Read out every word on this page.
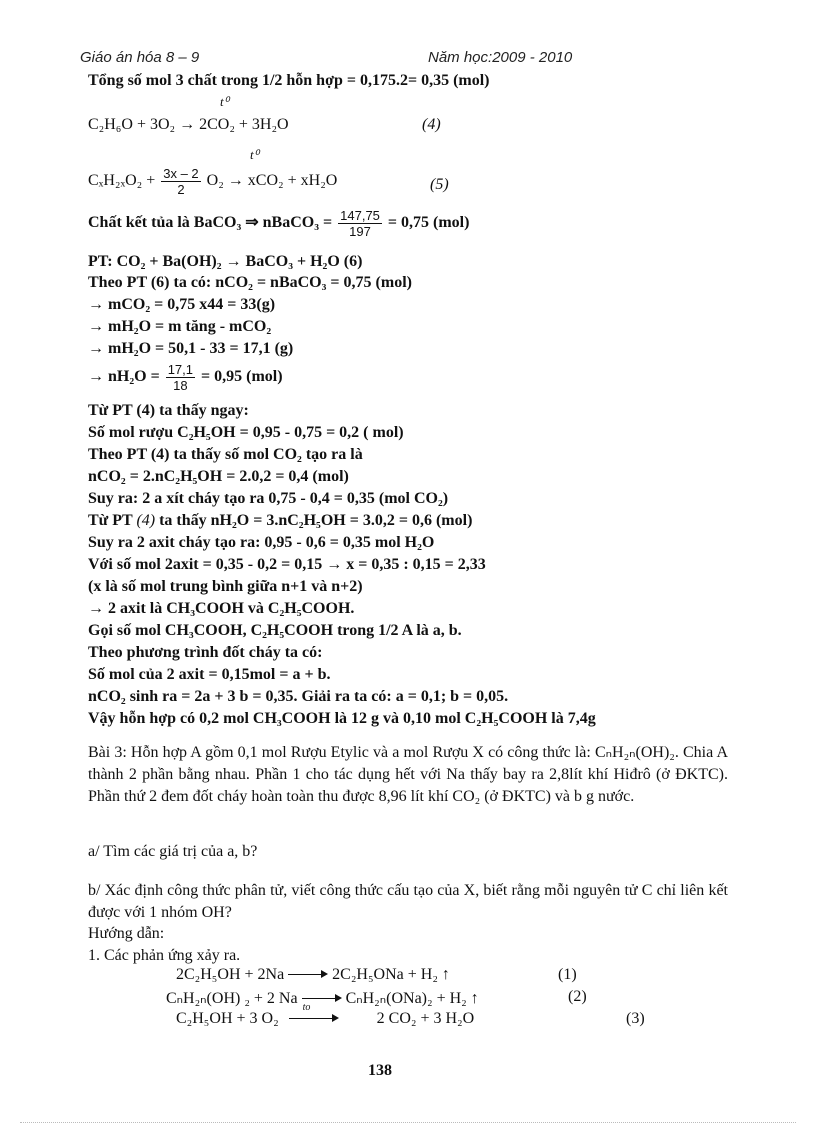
Giáo án hóa 8 – 9	Năm học:2009 - 2010
Tổng số mol 3 chất trong 1/2 hỗn hợp = 0,175.2= 0,35 (mol)
t⁰
C₂H₆O + 3O₂ → 2CO₂ + 3H₂O	(4)
t⁰
$C_xH_{2x}O_2 + \frac{3x - 2}{2} O_2 \to xCO_2 + xH_2O$	(5)
Chất kết tủa là BaCO₃ ⇒ nBaCO₃ = $\frac{147,75}{197} = 0,75$ (mol)
PT: CO₂ + Ba(OH)₂ → BaCO₃ + H₂O (6)
Theo PT (6) ta có: nCO₂ = nBaCO₃ = 0,75 (mol)
→ mCO₂ = 0,75 x44 = 33(g)
→ mH₂O = m tăng - mCO₂
→ mH₂O = 50,1 - 33 = 17,1 (g)
→ $nH_2O = \frac{17,1}{18} = 0,95$ (mol)
Từ PT (4) ta thấy ngay:
Số mol rượu C₂H₅OH = 0,95 - 0,75 = 0,2 ( mol)
Theo PT (4) ta thấy số mol CO₂ tạo ra là
nCO₂ = 2.nC₂H₅OH = 2.0,2 = 0,4 (mol)
Suy ra: 2 a xít cháy tạo ra 0,75 - 0,4 = 0,35 (mol CO₂)
Từ PT (4) ta thấy nH₂O = 3.nC₂H₅OH = 3.0,2 = 0,6 (mol)
Suy ra 2 axit cháy tạo ra: 0,95 - 0,6 = 0,35 mol H₂O
Với số mol 2axit = 0,35 - 0,2 = 0,15 → x = 0,35 : 0,15 = 2,33
(x là số mol trung bình giữa n+1 và n+2)
→ 2 axit là CH₃COOH và C₂H₅COOH.
Gọi số mol CH₃COOH, C₂H₅COOH trong 1/2 A là a, b.
Theo phương trình đốt cháy ta có:
Số mol của 2 axit = 0,15mol = a + b.
nCO₂ sinh ra = 2a + 3 b = 0,35. Giải ra ta có: a = 0,1; b = 0,05.
Vậy hỗn hợp có 0,2 mol CH₃COOH là 12 g và 0,10 mol C₂H₅COOH là 7,4g
Bài 3: Hỗn hợp A gồm 0,1 mol Rượu Etylic và a mol Rượu X có công thức là: CₙH₂ₙ(OH)₂. Chia A thành 2 phần bằng nhau. Phần 1 cho tác dụng hết với Na thấy bay ra 2,8lít khí Hiđrô (ở ĐKTC). Phần thứ 2 đem đốt cháy hoàn toàn thu được 8,96 lít khí CO₂ (ở ĐKTC) và b g nước.
a/ Tìm các giá trị của a, b?
b/ Xác định công thức phân tử, viết công thức cấu tạo của X, biết rằng mỗi nguyên tử C chỉ liên kết được với 1 nhóm OH?
Hướng dẫn:
1. Các phản ứng xảy ra.
2C₂H₅OH + 2Na	2C₂H₅ONa + H₂ ↑	(1)
CₙH₂ₙ(OH) ₂ + 2 Na	CₙH₂ₙ(ONa)₂ + H₂ ↑	(2)
C₂H₅OH + 3 O₂
to
2 CO₂ + 3 H₂O	(3)
138
